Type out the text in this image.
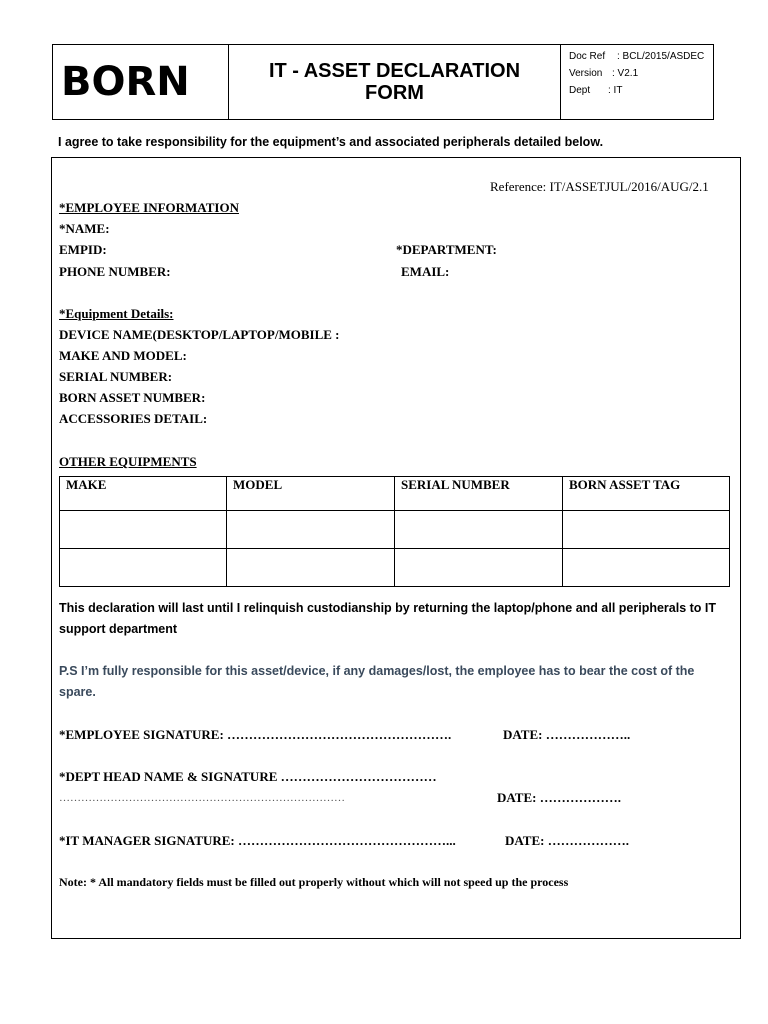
BORN	IT - ASSET DECLARATION FORM
Doc Ref	: BCL/2015/ASDEC
Version : V2.1
Dept	: IT
I agree to take responsibility for the equipment’s and associated peripherals detailed below.
Reference: IT/ASSETJUL/2016/AUG/2.1
*EMPLOYEE INFORMATION
*NAME:
EMPID:	*DEPARTMENT:
PHONE NUMBER:	EMAIL:
*Equipment Details:
DEVICE NAME(DESKTOP/LAPTOP/MOBILE :
MAKE AND MODEL:
SERIAL NUMBER:
BORN ASSET NUMBER:
ACCESSORIES DETAIL:
OTHER EQUIPMENTS
MAKE	MODEL	SERIAL NUMBER	BORN ASSET TAG

This declaration will last until I relinquish custodianship by returning the laptop/phone and all peripherals to IT support department
P.S I’m fully responsible for this asset/device, if any damages/lost, the employee has to bear the cost of the spare.
*EMPLOYEE SIGNATURE: …………………………………………….	DATE: ………………..
*DEPT HEAD NAME & SIGNATURE ………………………………
……………………………………………………………………	DATE: ……………….
*IT MANAGER SIGNATURE: …………………………………………...	DATE: ……………….
Note: * All mandatory fields must be filled out properly without which will not speed up the process
